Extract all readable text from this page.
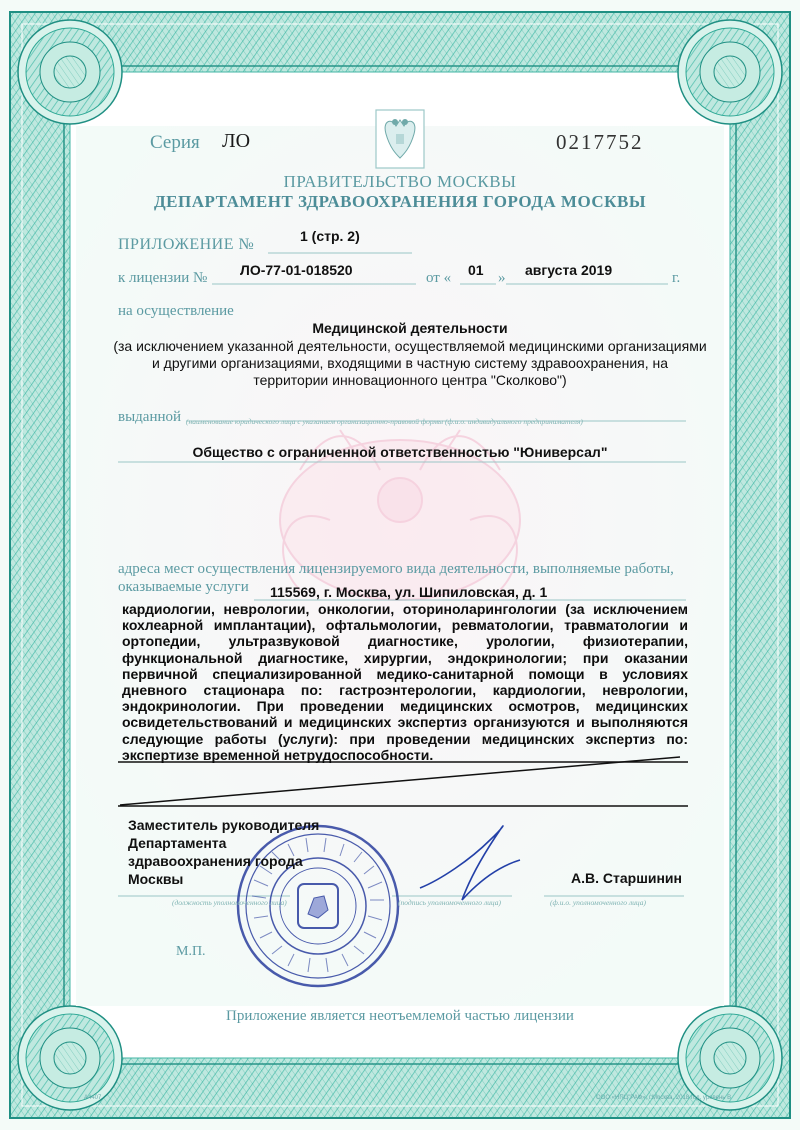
Серия ЛО	0217752
ПРАВИТЕЛЬСТВО МОСКВЫ
ДЕПАРТАМЕНТ ЗДРАВООХРАНЕНИЯ ГОРОДА МОСКВЫ
ПРИЛОЖЕНИЕ №	1 (стр. 2)
к лицензии № ЛО-77-01-018520	от « 01 » августа 2019	г.
на осуществление
Медицинской деятельности
(за исключением указанной деятельности, осуществляемой медицинскими организациями
и другими организациями, входящими в частную систему здравоохранения, на
территории инновационного центра "Сколково")
выданной (наименование юридического лица с указанием организационно-правовой формы (ф.и.о. индивидуального предпринимателя)
Общество с ограниченной ответственностью "Юниверсал"
адреса мест осуществления лицензируемого вида деятельности, выполняемые работы,
оказываемые услуги 115569, г. Москва, ул. Шипиловская, д. 1
кардиологии, неврологии, онкологии, оториноларингологии (за исключением кохлеарной имплантации), офтальмологии, ревматологии, травматологии и ортопедии, ультразвуковой диагностике, урологии, физиотерапии, функциональной диагностике, хирургии, эндокринологии; при оказании первичной специализированной медико-санитарной помощи в условиях дневного стационара по: гастроэнтерологии, кардиологии, неврологии, эндокринологии. При проведении медицинских осмотров, медицинских освидетельствований и медицинских экспертиз организуются и выполняются следующие работы (услуги): при проведении медицинских экспертиз по: экспертизе временной нетрудоспособности.
Заместитель руководителя
Департамента
здравоохранения города
Москвы	А.В. Старшинин
(должность уполномоченного лица)	(подпись уполномоченного лица)	(ф.и.о. уполномоченного лица)
М.П.
Приложение является неотъемлемой частью лицензии
А4407	ООО «НПЦ"РАФ», г.Москва, 2018 год, уровень В
